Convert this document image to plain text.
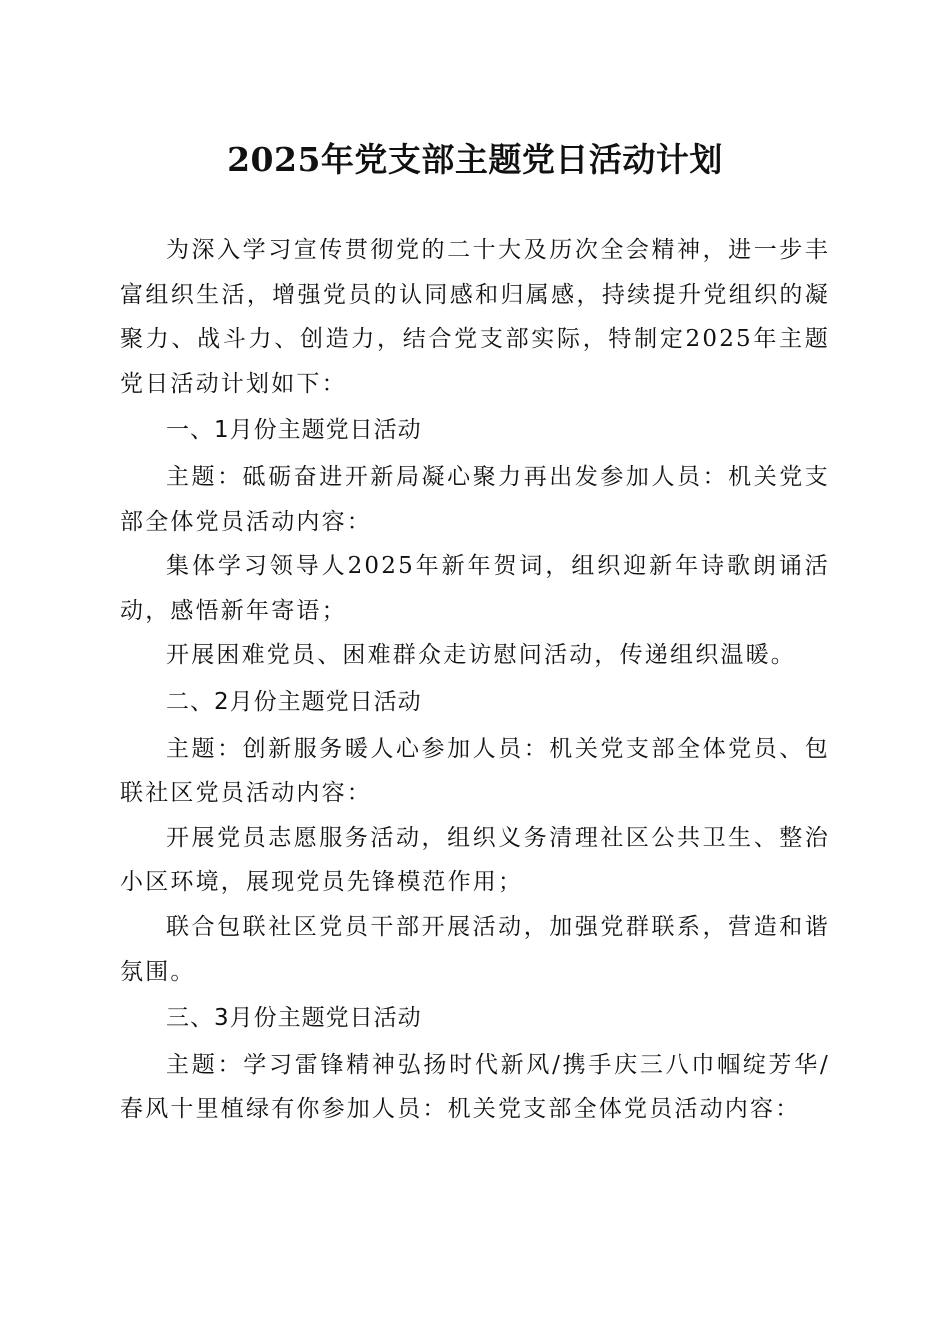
2025年党支部主题党日活动计划

为深入学习宣传贯彻党的二十大及历次全会精神，进一步丰富组织生活，增强党员的认同感和归属感，持续提升党组织的凝聚力、战斗力、创造力，结合党支部实际，特制定2025年主题党日活动计划如下：

一、1月份主题党日活动

主题：砥砺奋进开新局凝心聚力再出发参加人员：机关党支部全体党员活动内容：

集体学习领导人2025年新年贺词，组织迎新年诗歌朗诵活动，感悟新年寄语；

开展困难党员、困难群众走访慰问活动，传递组织温暖。

二、2月份主题党日活动

主题：创新服务暖人心参加人员：机关党支部全体党员、包联社区党员活动内容：

开展党员志愿服务活动，组织义务清理社区公共卫生、整治小区环境，展现党员先锋模范作用；

联合包联社区党员干部开展活动，加强党群联系，营造和谐氛围。

三、3月份主题党日活动

主题：学习雷锋精神弘扬时代新风/携手庆三八巾帼绽芳华/春风十里植绿有你参加人员：机关党支部全体党员活动内容：
